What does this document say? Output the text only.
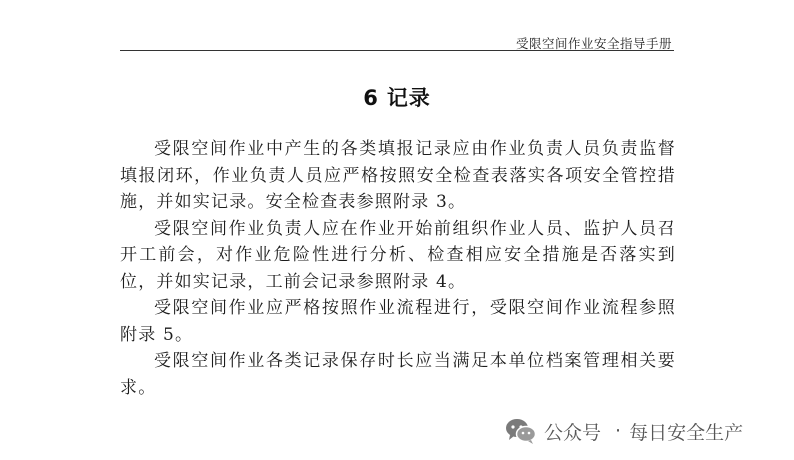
受限空间作业安全指导手册
6 记录

受限空间作业中产生的各类填报记录应由作业负责人员负责监督填报闭环，作业负责人员应严格按照安全检查表落实各项安全管控措施，并如实记录。安全检查表参照附录 3。

受限空间作业负责人应在作业开始前组织作业人员、监护人员召开工前会，对作业危险性进行分析、检查相应安全措施是否落实到位，并如实记录，工前会记录参照附录 4。

受限空间作业应严格按照作业流程进行，受限空间作业流程参照附录 5。

受限空间作业各类记录保存时长应当满足本单位档案管理相关要求。

公众号 · 每日安全生产
